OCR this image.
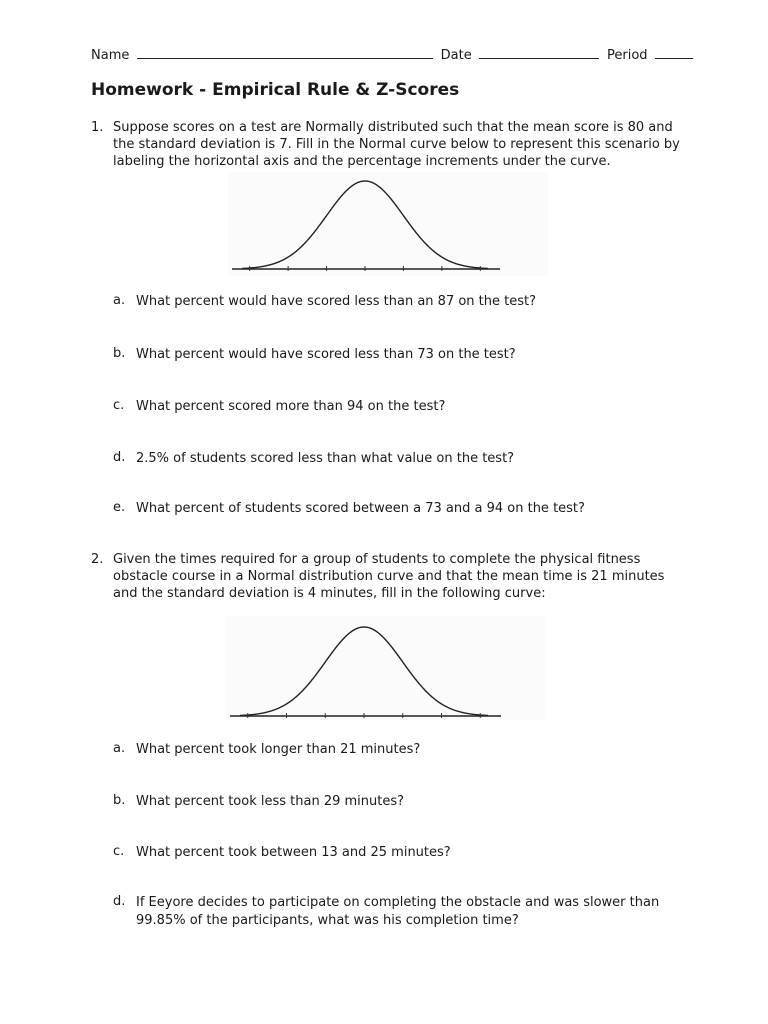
Name	Date	Period
Homework - Empirical Rule & Z-Scores
1. Suppose scores on a test are Normally distributed such that the mean score is 80 and the standard deviation is 7. Fill in the Normal curve below to represent this scenario by labeling the horizontal axis and the percentage increments under the curve.
a. What percent would have scored less than an 87 on the test?
b. What percent would have scored less than 73 on the test?
c. What percent scored more than 94 on the test?
d. 2.5% of students scored less than what value on the test?
e. What percent of students scored between a 73 and a 94 on the test?
2. Given the times required for a group of students to complete the physical fitness obstacle course in a Normal distribution curve and that the mean time is 21 minutes and the standard deviation is 4 minutes, fill in the following curve:
a. What percent took longer than 21 minutes?
b. What percent took less than 29 minutes?
c. What percent took between 13 and 25 minutes?
d. If Eeyore decides to participate on completing the obstacle and was slower than 99.85% of the participants, what was his completion time?
